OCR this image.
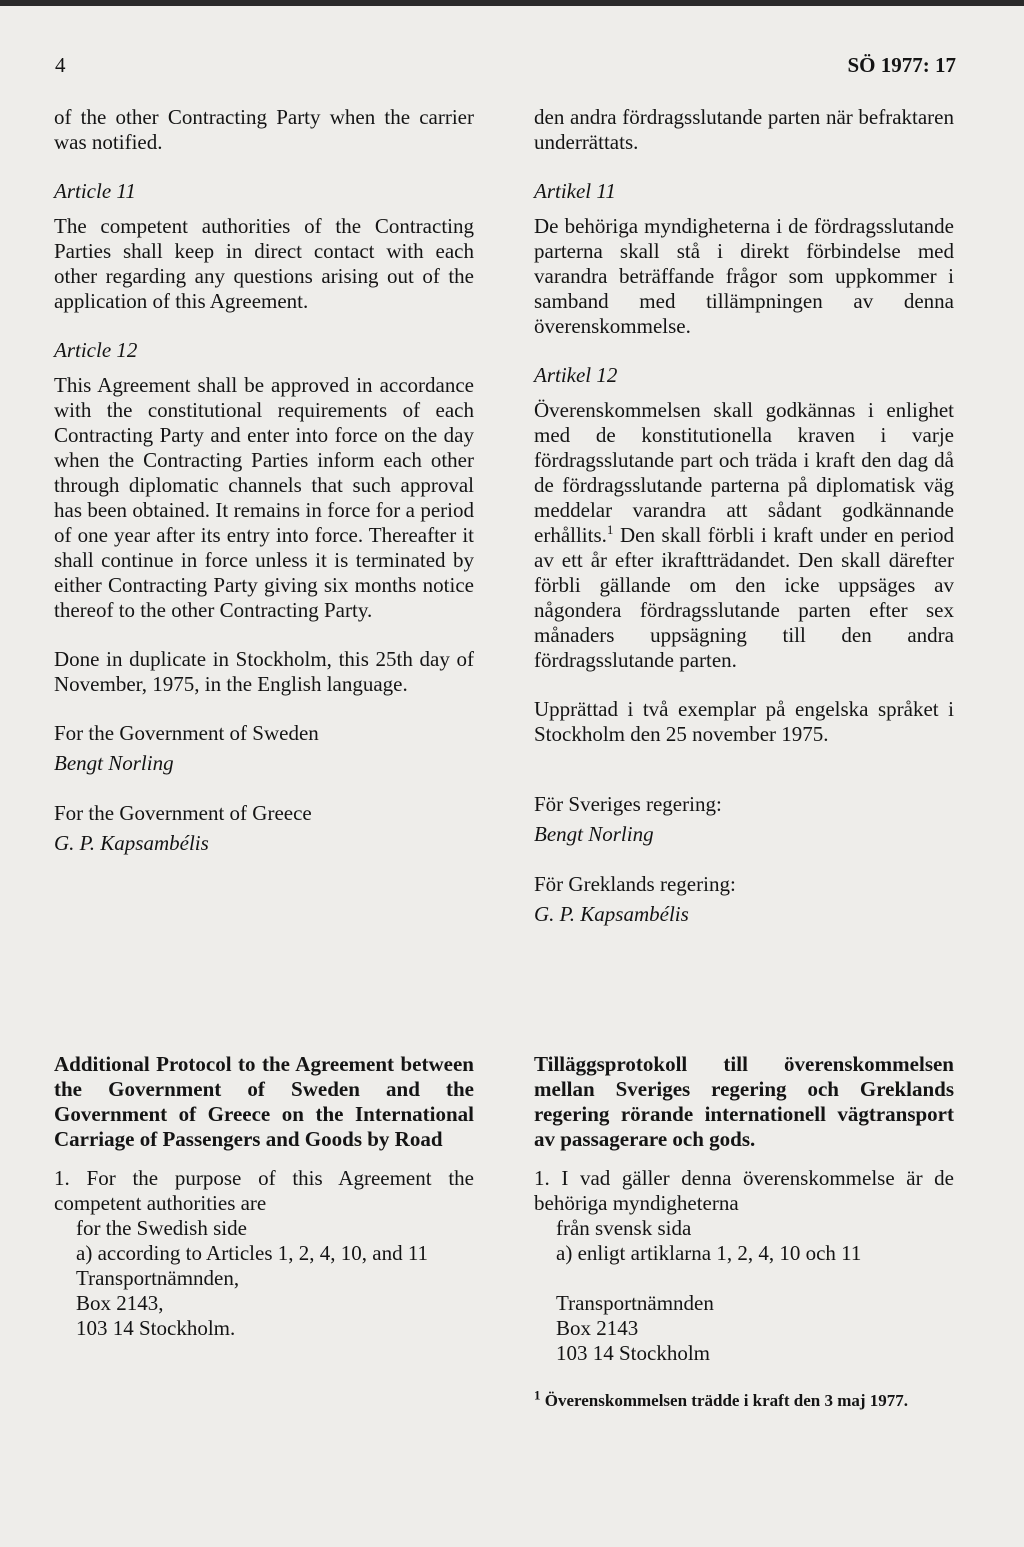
4	SÖ 1977: 17

of the other Contracting Party when the carrier was notified.

Article 11

The competent authorities of the Contracting Parties shall keep in direct contact with each other regarding any questions arising out of the application of this Agreement.

Article 12

This Agreement shall be approved in accordance with the constitutional requirements of each Contracting Party and enter into force on the day when the Contracting Parties inform each other through diplomatic channels that such approval has been obtained. It remains in force for a period of one year after its entry into force. Thereafter it shall continue in force unless it is terminated by either Contracting Party giving six months notice thereof to the other Contracting Party.

Done in duplicate in Stockholm, this 25th day of November, 1975, in the English language.

For the Government of Sweden

Bengt Norling

For the Government of Greece

G. P. Kapsambélis

den andra fördragsslutande parten när befraktaren underrättats.

Artikel 11

De behöriga myndigheterna i de fördragsslutande parterna skall stå i direkt förbindelse med varandra beträffande frågor som uppkommer i samband med tillämpningen av denna överenskommelse.

Artikel 12

Överenskommelsen skall godkännas i enlighet med de konstitutionella kraven i varje fördragsslutande part och träda i kraft den dag då de fördragsslutande parterna på diplomatisk väg meddelar varandra att sådant godkännande erhållits.$^1$ Den skall förbli i kraft under en period av ett år efter ikraftträdandet. Den skall därefter förbli gällande om den icke uppsäges av någondera fördragsslutande parten efter sex månaders uppsägning till den andra fördragsslutande parten.

Upprättad i två exemplar på engelska språket i Stockholm den 25 november 1975.

För Sveriges regering:

Bengt Norling

För Greklands regering:

G. P. Kapsambélis

Additional Protocol to the Agreement between the Government of Sweden and the Government of Greece on the International Carriage of Passengers and Goods by Road

1. For the purpose of this Agreement the competent authorities are

for the Swedish side

a) according to Articles 1, 2, 4, 10, and 11

Transportnämnden,

Box 2143,

103 14 Stockholm.

Tilläggsprotokoll till överenskommelsen mellan Sveriges regering och Greklands regering rörande internationell vägtransport av passagerare och gods.

1. I vad gäller denna överenskommelse är de behöriga myndigheterna

från svensk sida

a) enligt artiklarna 1, 2, 4, 10 och 11

Transportnämnden

Box 2143

103 14 Stockholm

$^1$ Överenskommelsen trädde i kraft den 3 maj 1977.
